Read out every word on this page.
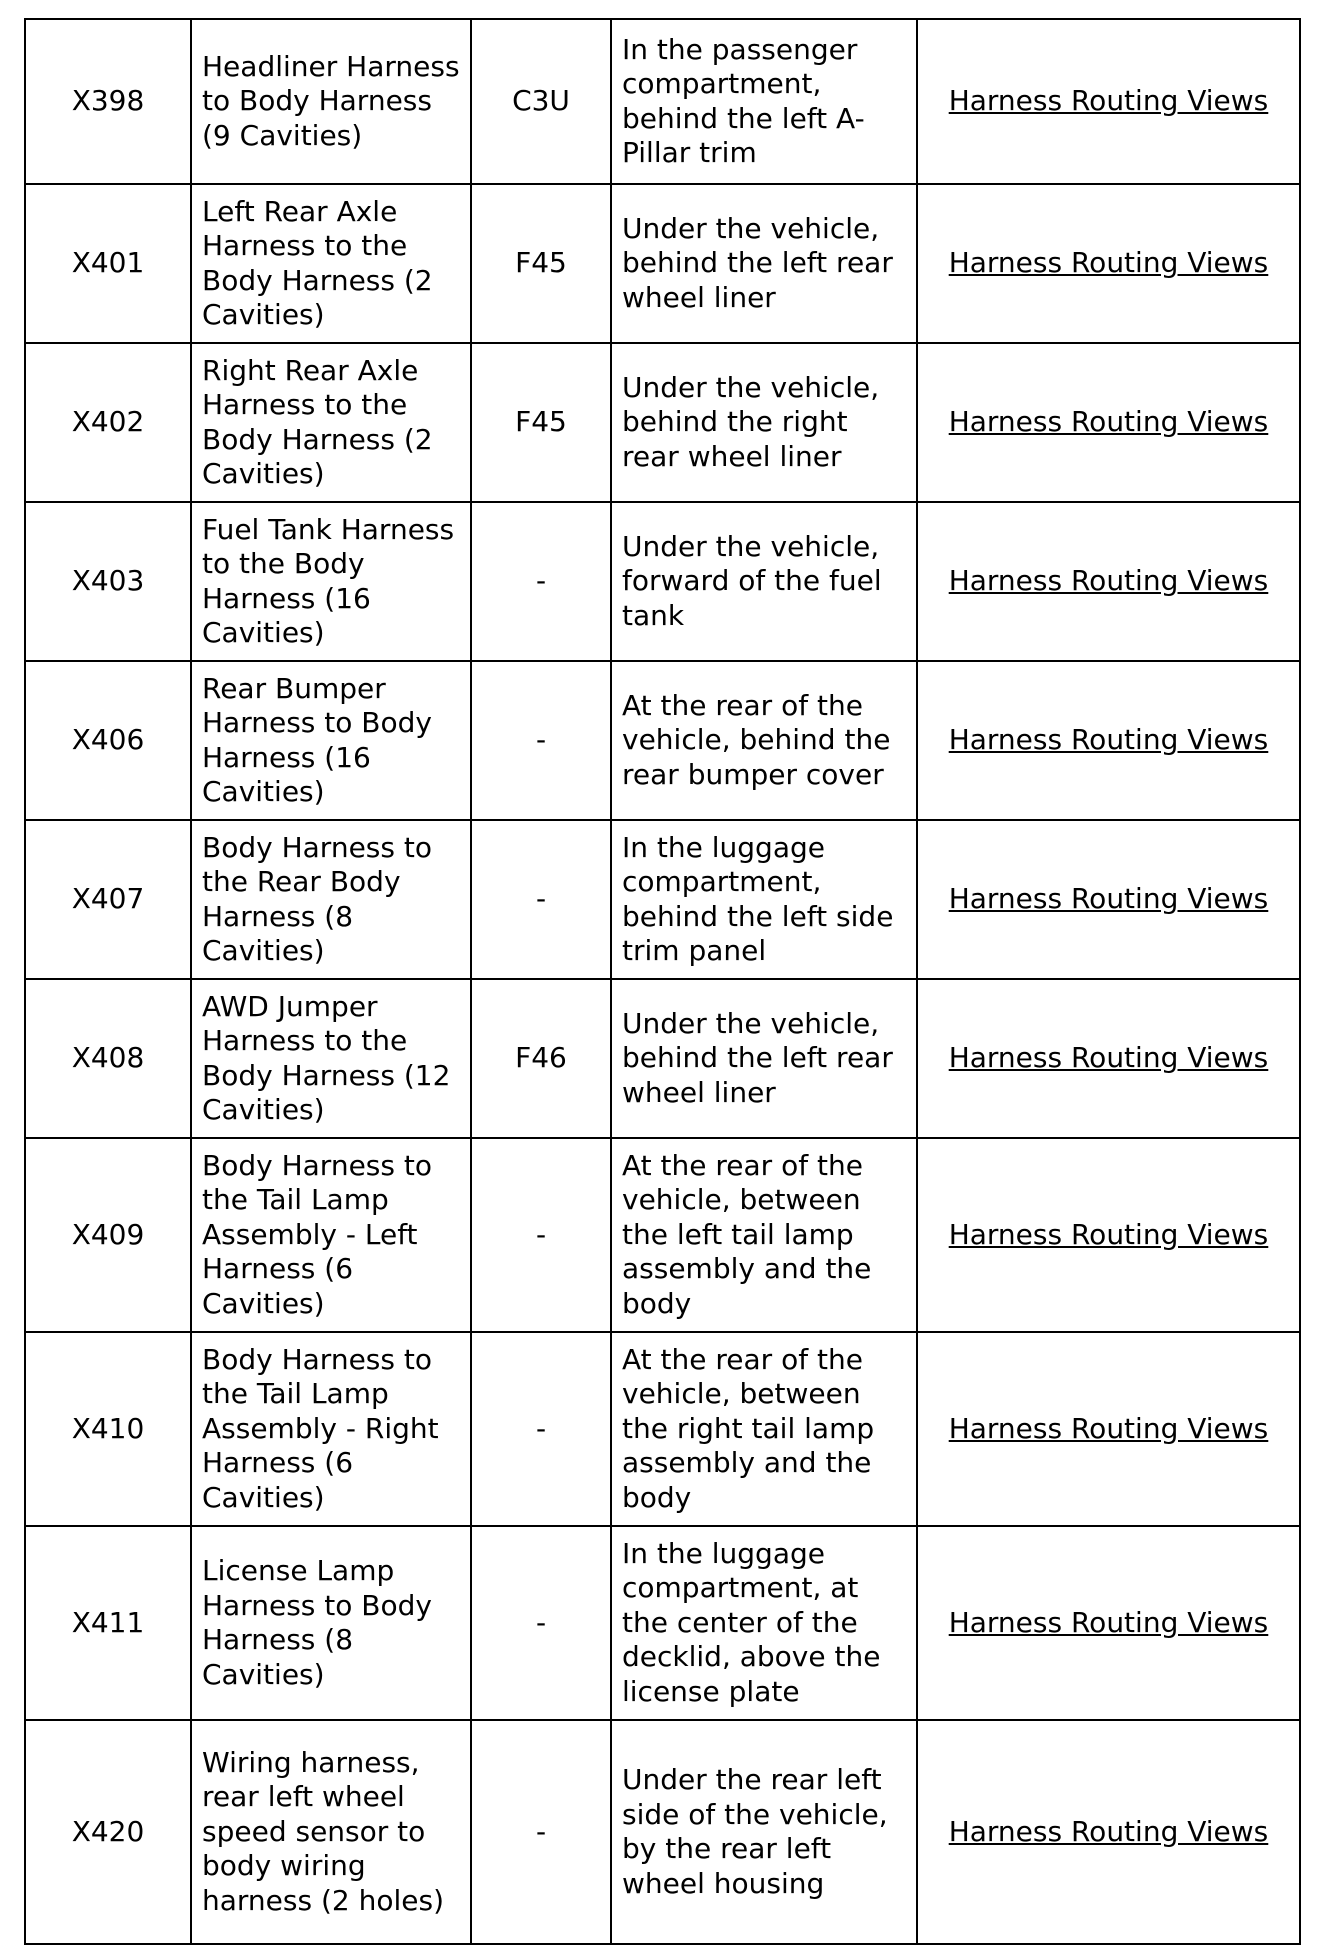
X398	Headliner Harness to Body Harness (9 Cavities)	C3U	In the passenger compartment, behind the left A-Pillar trim	Harness Routing Views
X401	Left Rear Axle Harness to the Body Harness (2 Cavities)	F45	Under the vehicle, behind the left rear wheel liner	Harness Routing Views
X402	Right Rear Axle Harness to the Body Harness (2 Cavities)	F45	Under the vehicle, behind the right rear wheel liner	Harness Routing Views
X403	Fuel Tank Harness to the Body Harness (16 Cavities)	-	Under the vehicle, forward of the fuel tank	Harness Routing Views
X406	Rear Bumper Harness to Body Harness (16 Cavities)	-	At the rear of the vehicle, behind the rear bumper cover	Harness Routing Views
X407	Body Harness to the Rear Body Harness (8 Cavities)	-	In the luggage compartment, behind the left side trim panel	Harness Routing Views
X408	AWD Jumper Harness to the Body Harness (12 Cavities)	F46	Under the vehicle, behind the left rear wheel liner	Harness Routing Views
X409	Body Harness to the Tail Lamp Assembly - Left Harness (6 Cavities)	-	At the rear of the vehicle, between the left tail lamp assembly and the body	Harness Routing Views
X410	Body Harness to the Tail Lamp Assembly - Right Harness (6 Cavities)	-	At the rear of the vehicle, between the right tail lamp assembly and the body	Harness Routing Views
X411	License Lamp Harness to Body Harness (8 Cavities)	-	In the luggage compartment, at the center of the decklid, above the license plate	Harness Routing Views
X420	Wiring harness, rear left wheel speed sensor to body wiring harness (2 holes)	-	Under the rear left side of the vehicle, by the rear left wheel housing	Harness Routing Views
